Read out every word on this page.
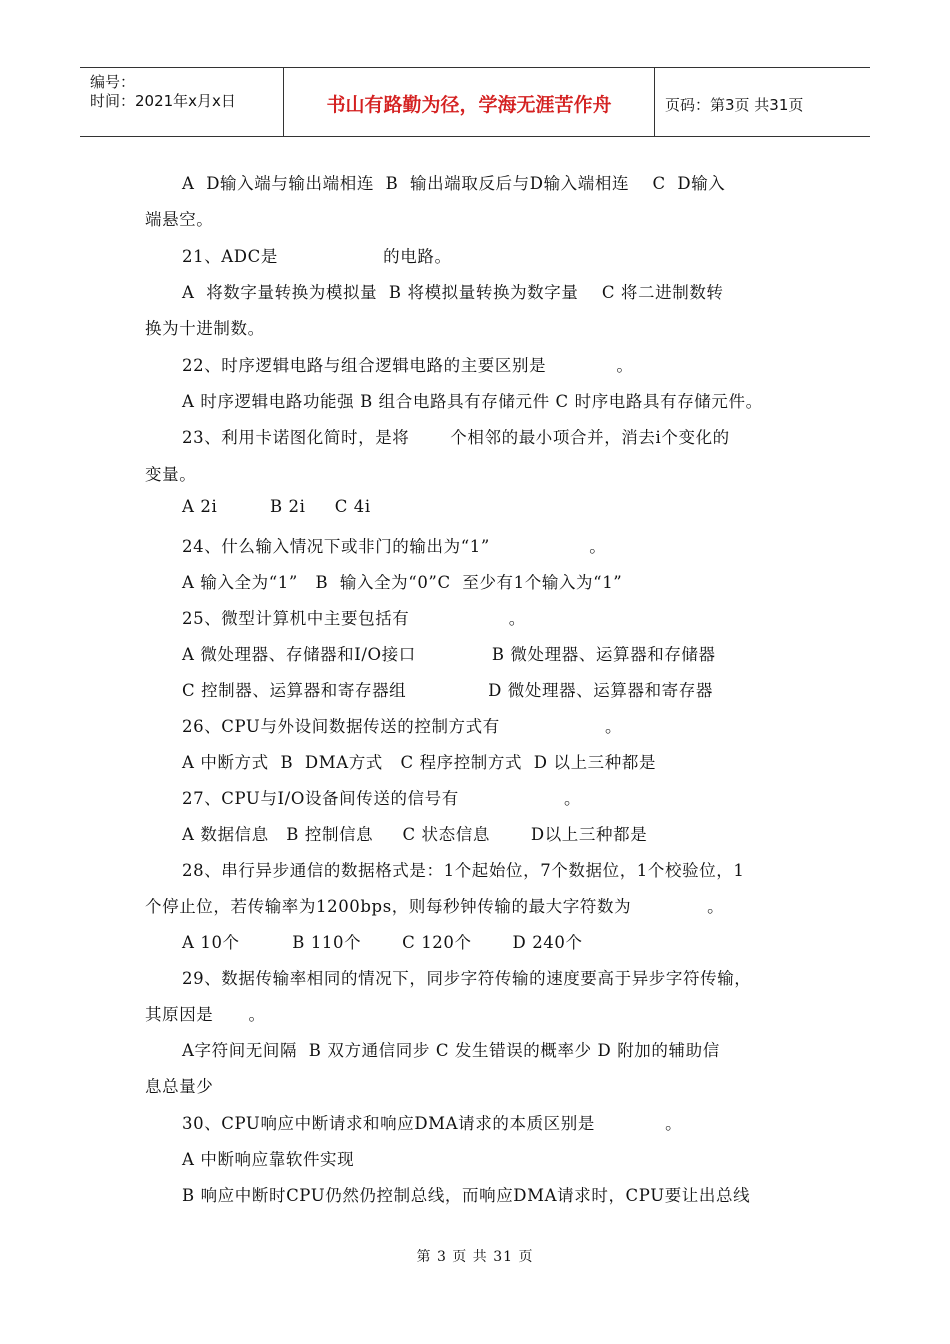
编号：
时间：2021年x月x日	书山有路勤为径，学海无涯苦作舟	页码：第3页 共31页
A  D输入端与输出端相连  B  输出端取反后与D输入端相连    C  D输入
端悬空。
21、ADC是                  的电路。
A  将数字量转换为模拟量  B 将模拟量转换为数字量    C 将二进制数转
换为十进制数。
22、时序逻辑电路与组合逻辑电路的主要区别是            。
A 时序逻辑电路功能强 B 组合电路具有存储元件 C 时序电路具有存储元件。
23、利用卡诺图化简时，是将       个相邻的最小项合并，消去i个变化的
变量。
A 2i         B 2i     C 4i
24、什么输入情况下或非门的输出为“1”                 。
A 输入全为“1”   B  输入全为“0”C  至少有1个输入为“1”
25、微型计算机中主要包括有                 。
A 微处理器、存储器和I/O接口             B 微处理器、运算器和存储器
C 控制器、运算器和寄存器组              D 微处理器、运算器和寄存器
26、CPU与外设间数据传送的控制方式有                  。
A 中断方式  B  DMA方式   C 程序控制方式  D 以上三种都是
27、CPU与I/O设备间传送的信号有                  。
A 数据信息   B 控制信息     C 状态信息       D以上三种都是
28、串行异步通信的数据格式是：1个起始位，7个数据位，1个校验位，1
个停止位，若传输率为1200bps，则每秒钟传输的最大字符数为             。
A 10个         B 110个       C 120个       D 240个
29、数据传输率相同的情况下，同步字符传输的速度要高于异步字符传输，
其原因是      。
A字符间无间隔  B 双方通信同步 C 发生错误的概率少 D 附加的辅助信
息总量少
30、CPU响应中断请求和响应DMA请求的本质区别是            。
A 中断响应靠软件实现
B 响应中断时CPU仍然仍控制总线，而响应DMA请求时，CPU要让出总线
第 3 页 共 31 页
